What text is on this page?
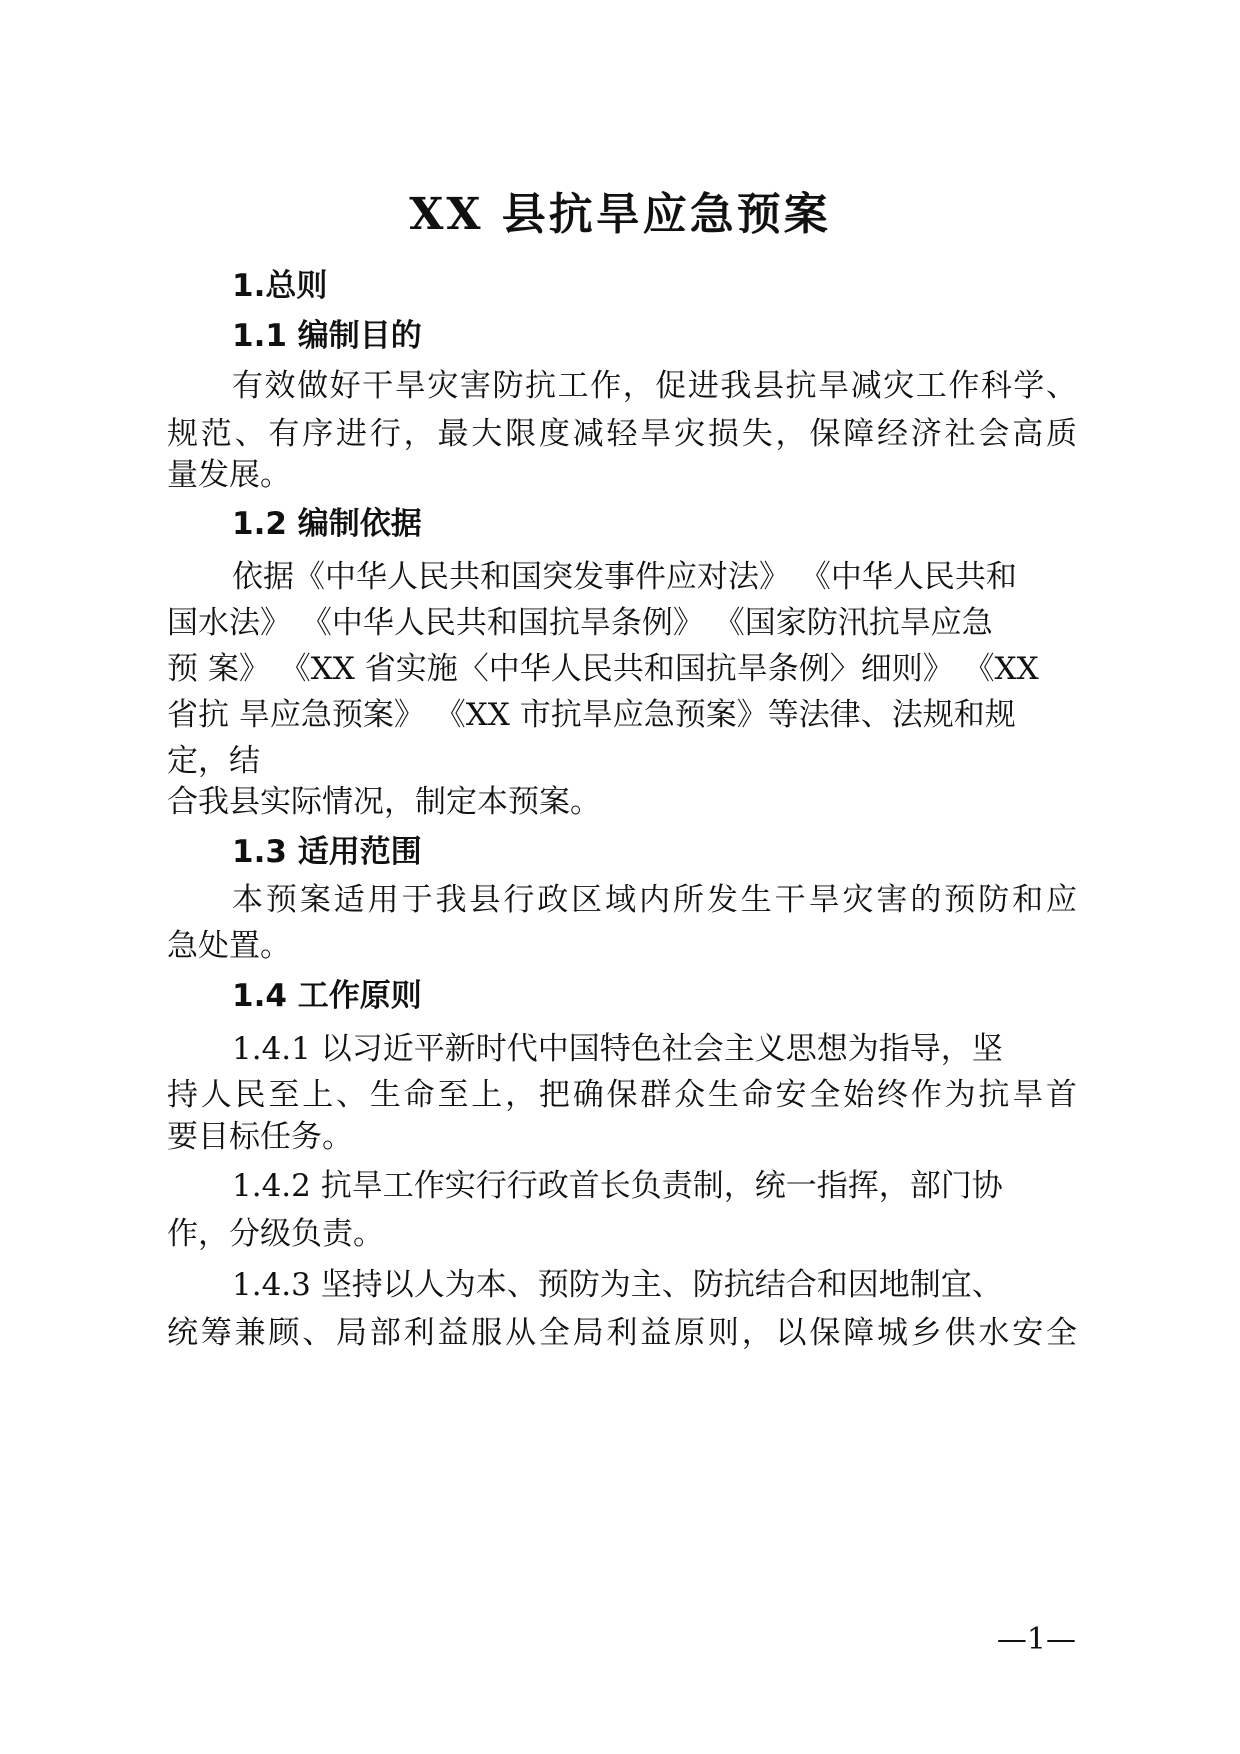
XX 县抗旱应急预案
1.总则
1.1 编制目的
有效做好干旱灾害防抗工作，促进我县抗旱减灾工作科学、
规范、有序进行，最大限度减轻旱灾损失，保障经济社会高质
量发展。
1.2 编制依据
依据《中华人民共和国突发事件应对法》 《中华人民共和
国水法》 《中华人民共和国抗旱条例》 《国家防汛抗旱应急
预 案》 《XX 省实施〈中华人民共和国抗旱条例〉细则》 《XX
省抗 旱应急预案》 《XX 市抗旱应急预案》等法律、法规和规
定，结
合我县实际情况，制定本预案。
1.3 适用范围
本预案适用于我县行政区域内所发生干旱灾害的预防和应
急处置。
1.4 工作原则
1.4.1 以习近平新时代中国特色社会主义思想为指导，坚
持人民至上、生命至上，把确保群众生命安全始终作为抗旱首
要目标任务。
1.4.2 抗旱工作实行行政首长负责制，统一指挥，部门协
作，分级负责。
1.4.3 坚持以人为本、预防为主、防抗结合和因地制宜、
统筹兼顾、局部利益服从全局利益原则，以保障城乡供水安全
—1—
